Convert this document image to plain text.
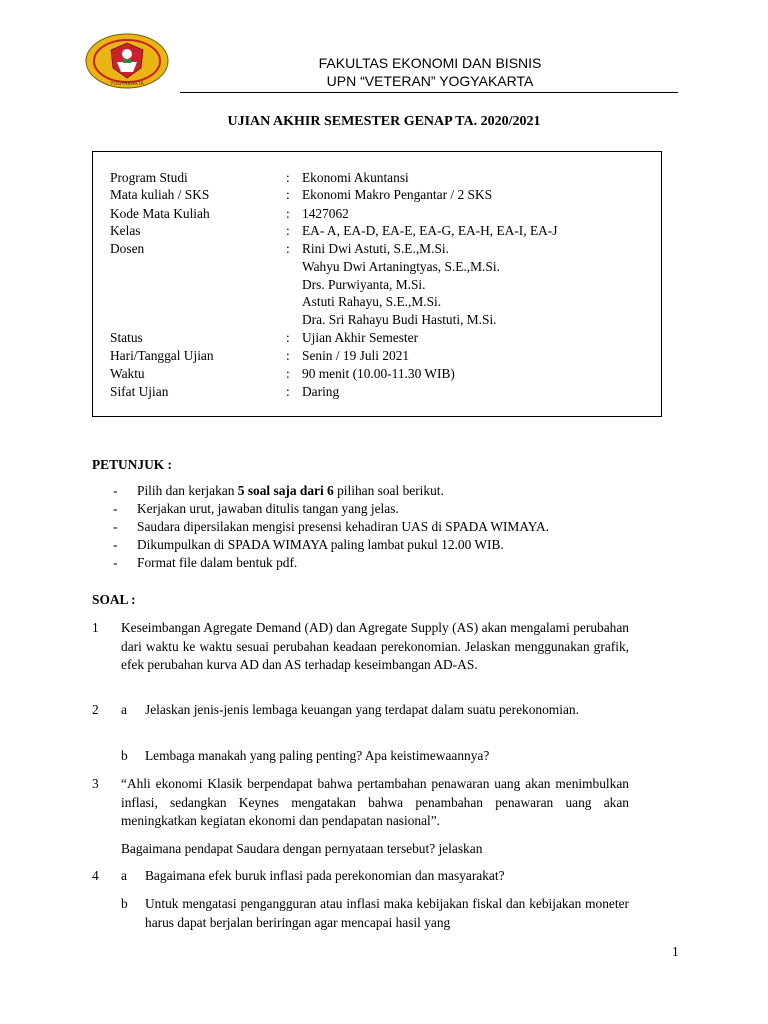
YOGYAKARTA
FAKULTAS EKONOMI DAN BISNIS
UPN “VETERAN” YOGYAKARTA
UJIAN AKHIR SEMESTER GENAP TA. 2020/2021
Program Studi	: Ekonomi Akuntansi
Mata kuliah / SKS	: Ekonomi Makro Pengantar / 2 SKS
Kode Mata Kuliah	: 1427062
Kelas	: EA- A, EA-D, EA-E, EA-G, EA-H, EA-I, EA-J
Dosen	: Rini Dwi Astuti, S.E.,M.Si.
Wahyu Dwi Artaningtyas, S.E.,M.Si.
Drs. Purwiyanta, M.Si.
Astuti Rahayu, S.E.,M.Si.
Dra. Sri Rahayu Budi Hastuti, M.Si.
Status	: Ujian Akhir Semester
Hari/Tanggal Ujian	: Senin / 19 Juli 2021
Waktu	: 90 menit (10.00-11.30 WIB)
Sifat Ujian	: Daring
PETUNJUK :
- Pilih dan kerjakan 5 soal saja dari 6 pilihan soal berikut.
- Kerjakan urut, jawaban ditulis tangan yang jelas.
- Saudara dipersilakan mengisi presensi kehadiran UAS di SPADA WIMAYA.
- Dikumpulkan di SPADA WIMAYA paling lambat pukul 12.00 WIB.
- Format file dalam bentuk pdf.
SOAL :
1 Keseimbangan Agregate Demand (AD) dan Agregate Supply (AS) akan mengalami perubahan dari waktu ke waktu sesuai perubahan keadaan perekonomian. Jelaskan menggunakan grafik, efek perubahan kurva AD dan AS terhadap keseimbangan AD-AS.
2 a Jelaskan jenis-jenis lembaga keuangan yang terdapat dalam suatu perekonomian.
b Lembaga manakah yang paling penting? Apa keistimewaannya?
3 “Ahli ekonomi Klasik berpendapat bahwa pertambahan penawaran uang akan menimbulkan inflasi, sedangkan Keynes mengatakan bahwa penambahan penawaran uang akan meningkatkan kegiatan ekonomi dan pendapatan nasional”.
Bagaimana pendapat Saudara dengan pernyataan tersebut? jelaskan
4 a Bagaimana efek buruk inflasi pada perekonomian dan masyarakat?
b Untuk mengatasi pengangguran atau inflasi maka kebijakan fiskal dan kebijakan moneter harus dapat berjalan beriringan agar mencapai hasil yang
1
